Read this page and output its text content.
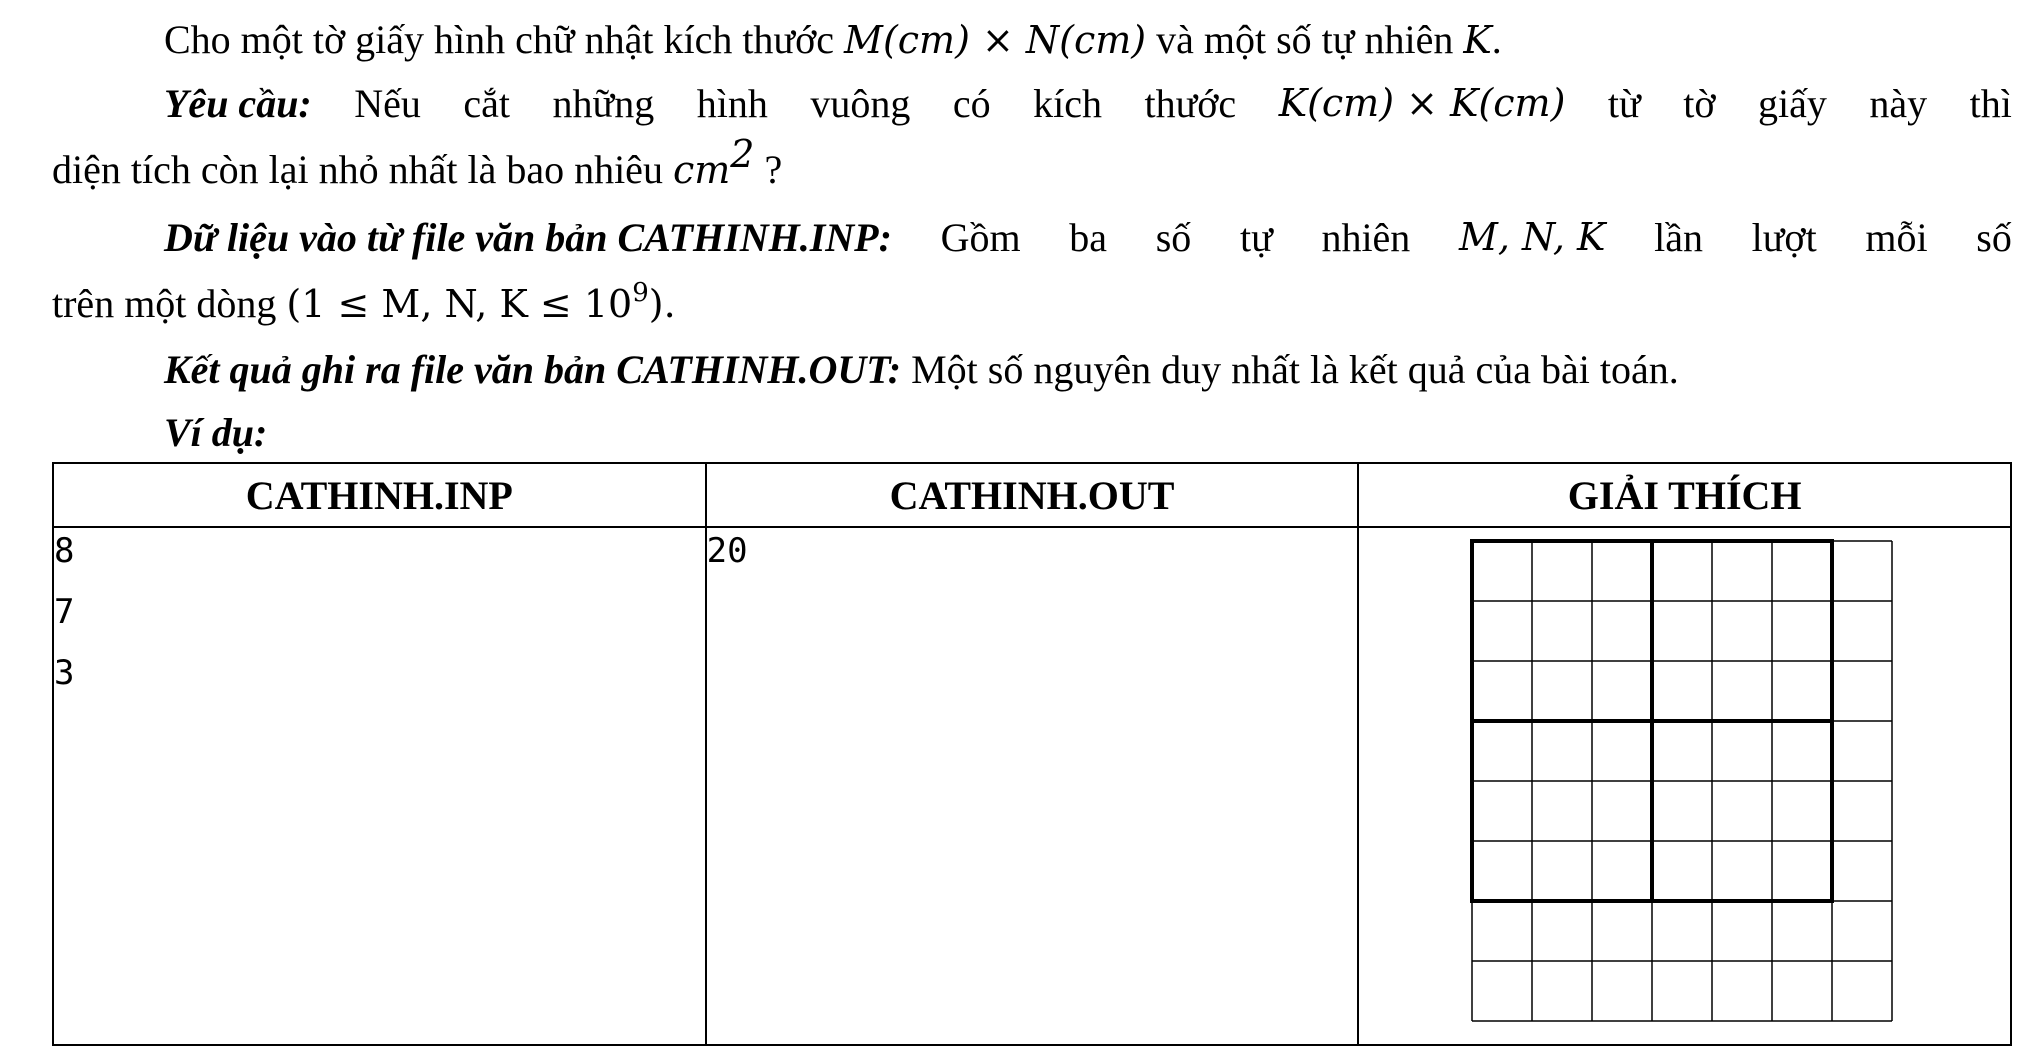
Cho một tờ giấy hình chữ nhật kích thước M(cm) × N(cm) và một số tự nhiên K.
Yêu cầu: Nếu cắt những hình vuông có kích thước K(cm) × K(cm) từ tờ giấy này thì
diện tích còn lại nhỏ nhất là bao nhiêu $cm^2$ ?
Dữ liệu vào từ file văn bản CATHINH.INP: Gồm ba số tự nhiên M, N, K lần lượt mỗi số
trên một dòng (1 ≤ M, N, $K \le 10^9$).
Kết quả ghi ra file văn bản CATHINH.OUT: Một số nguyên duy nhất là kết quả của bài toán.
Ví dụ:
CATHINH.INP	CATHINH.OUT	GIẢI THÍCH

8
7
3	20
